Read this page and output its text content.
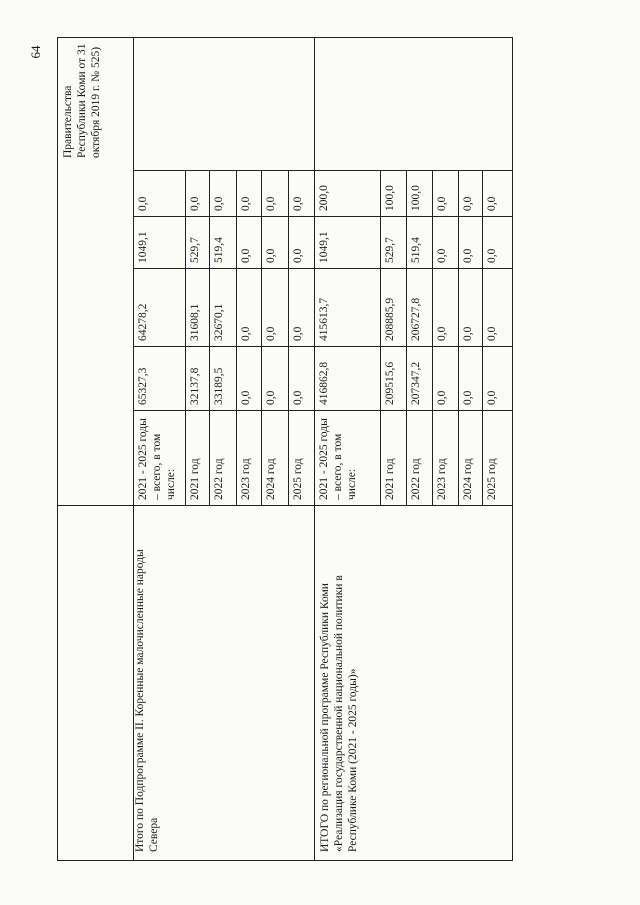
64
Правительства Республики Коми от 31 октября 2019 г. № 525)
Итого по Подпрограмме II. Коренные малочисленные народы Севера	ИТОГО по региональной программе Республики Коми «Реализация государственной национальной политики в Республике Коми (2021 - 2025 годы)»
2021 - 2025 годы – всего, в том числе:
65327,3
64278,2
1049,1
0,0
2021 год
32137,8
31608,1
529,7
0,0
2022 год
33189,5
32670,1
519,4
0,0
2023 год
0,0
0,0
0,0
0,0
2024 год
0,0
0,0
0,0
0,0
2025 год
0,0
0,0
0,0
0,0
2021 - 2025 годы – всего, в том числе:
416862,8
415613,7
1049,1
200,0
2021 год
209515,6
208885,9
529,7
100,0
2022 год
207347,2
206727,8
519,4
100,0
2023 год
0,0
0,0
0,0
0,0
2024 год
0,0
0,0
0,0
0,0
2025 год
0,0
0,0
0,0
0,0
